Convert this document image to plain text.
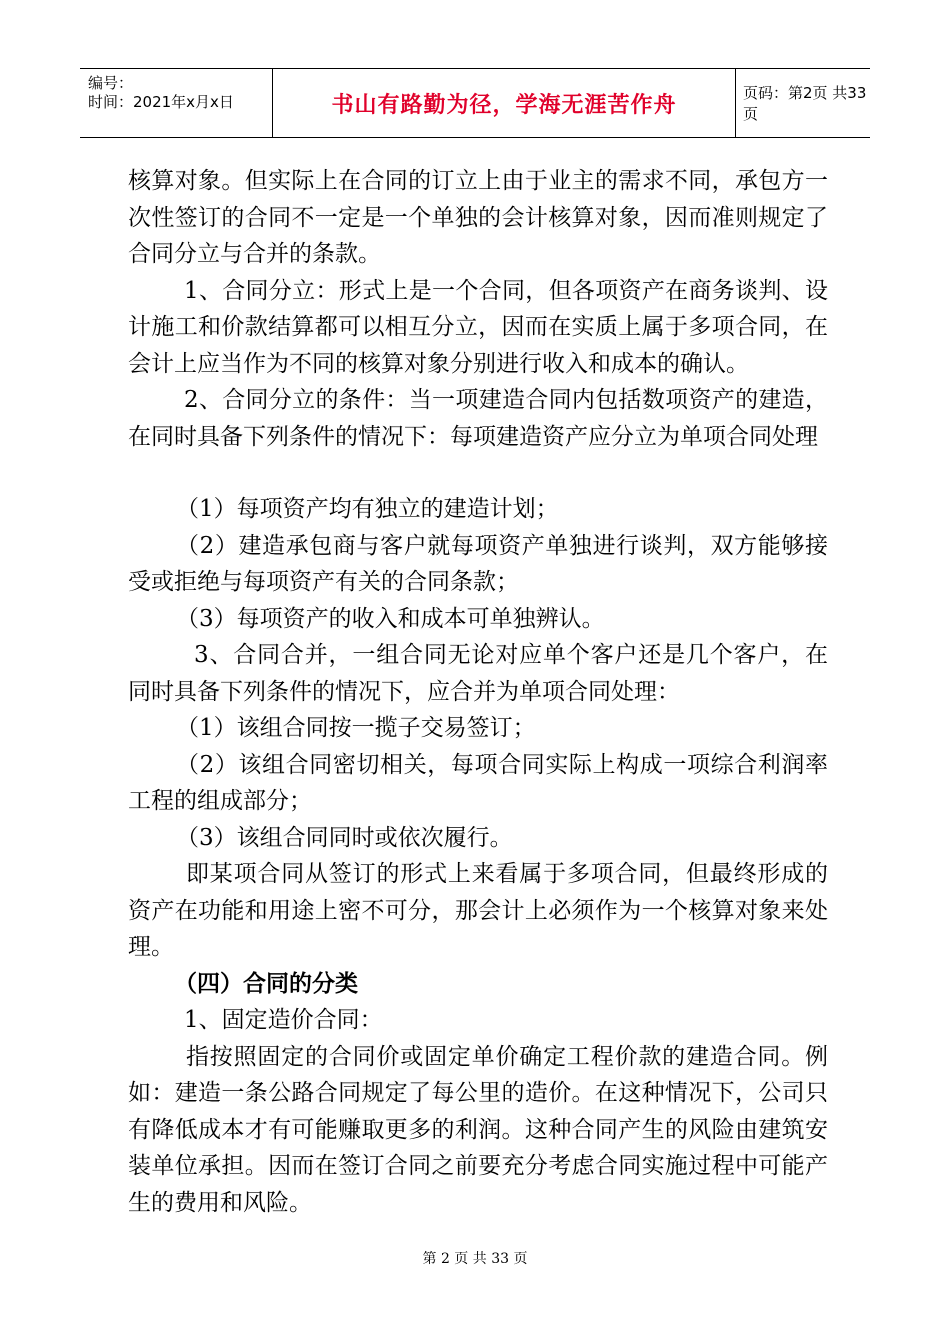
编号：
时间：2021年x月x日	书山有路勤为径，学海无涯苦作舟	页码：第2页 共33页

核算对象。但实际上在合同的订立上由于业主的需求不同，承包方一次性签订的合同不一定是一个单独的会计核算对象，因而准则规定了合同分立与合并的条款。

1、合同分立：形式上是一个合同，但各项资产在商务谈判、设计施工和价款结算都可以相互分立，因而在实质上属于多项合同，在会计上应当作为不同的核算对象分别进行收入和成本的确认。

2、合同分立的条件：当一项建造合同内包括数项资产的建造，在同时具备下列条件的情况下：每项建造资产应分立为单项合同处理

（1）每项资产均有独立的建造计划；

（2）建造承包商与客户就每项资产单独进行谈判，双方能够接受或拒绝与每项资产有关的合同条款；

（3）每项资产的收入和成本可单独辨认。

3、合同合并，一组合同无论对应单个客户还是几个客户，在同时具备下列条件的情况下，应合并为单项合同处理：

（1）该组合同按一揽子交易签订；

（2）该组合同密切相关，每项合同实际上构成一项综合利润率工程的组成部分；

（3）该组合同同时或依次履行。

即某项合同从签订的形式上来看属于多项合同，但最终形成的资产在功能和用途上密不可分，那会计上必须作为一个核算对象来处理。

（四）合同的分类

1、固定造价合同：

指按照固定的合同价或固定单价确定工程价款的建造合同。例如：建造一条公路合同规定了每公里的造价。在这种情况下，公司只有降低成本才有可能赚取更多的利润。这种合同产生的风险由建筑安装单位承担。因而在签订合同之前要充分考虑合同实施过程中可能产生的费用和风险。

第 2 页 共 33 页
